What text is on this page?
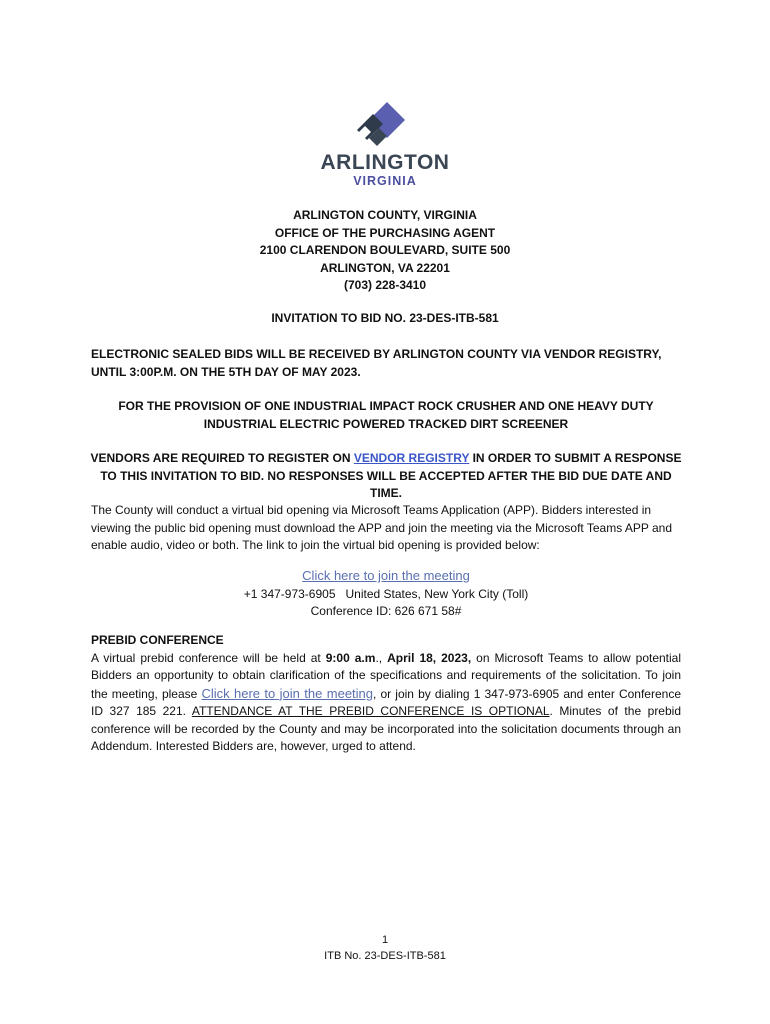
ARLINGTON
VIRGINIA
ARLINGTON COUNTY, VIRGINIA
OFFICE OF THE PURCHASING AGENT
2100 CLARENDON BOULEVARD, SUITE 500
ARLINGTON, VA 22201
(703) 228-3410
INVITATION TO BID NO. 23-DES-ITB-581
ELECTRONIC SEALED BIDS WILL BE RECEIVED BY ARLINGTON COUNTY VIA VENDOR REGISTRY, UNTIL 3:00P.M. ON THE 5TH DAY OF MAY 2023.
FOR THE PROVISION OF ONE INDUSTRIAL IMPACT ROCK CRUSHER AND ONE HEAVY DUTY INDUSTRIAL ELECTRIC POWERED TRACKED DIRT SCREENER
VENDORS ARE REQUIRED TO REGISTER ON VENDOR REGISTRY IN ORDER TO SUBMIT A RESPONSE TO THIS INVITATION TO BID. NO RESPONSES WILL BE ACCEPTED AFTER THE BID DUE DATE AND TIME.
The County will conduct a virtual bid opening via Microsoft Teams Application (APP). Bidders interested in viewing the public bid opening must download the APP and join the meeting via the Microsoft Teams APP and enable audio, video or both. The link to join the virtual bid opening is provided below:
Click here to join the meeting
+1 347-973-6905   United States, New York City (Toll)
Conference ID: 626 671 58#
PREBID CONFERENCE
A virtual prebid conference will be held at 9:00 a.m., April 18, 2023, on Microsoft Teams to allow potential Bidders an opportunity to obtain clarification of the specifications and requirements of the solicitation. To join the meeting, please Click here to join the meeting, or join by dialing 1 347-973-6905 and enter Conference ID 327 185 221. ATTENDANCE AT THE PREBID CONFERENCE IS OPTIONAL. Minutes of the prebid conference will be recorded by the County and may be incorporated into the solicitation documents through an Addendum. Interested Bidders are, however, urged to attend.
1
ITB No. 23-DES-ITB-581
